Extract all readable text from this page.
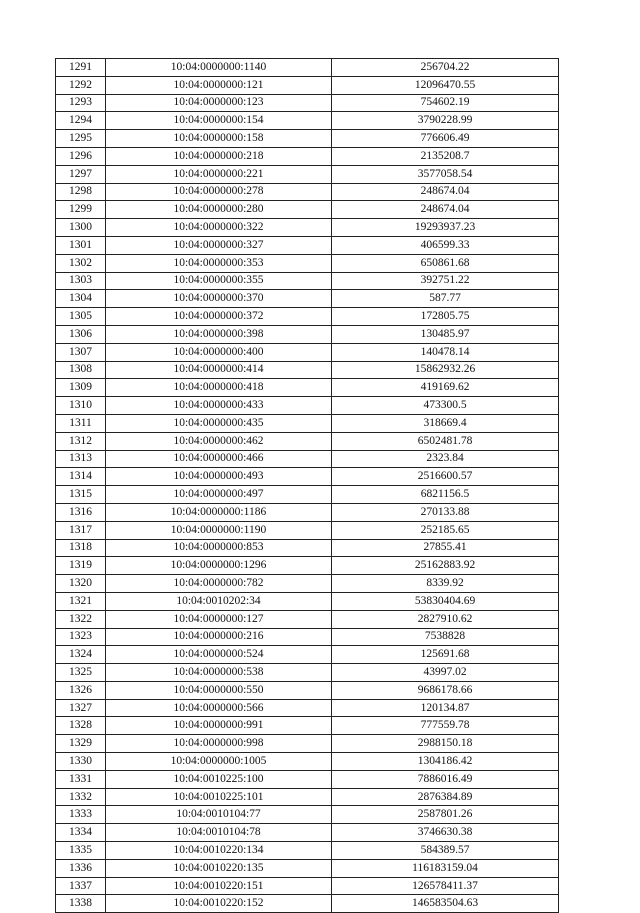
1291	10:04:0000000:1140	256704.22
1292	10:04:0000000:121	12096470.55
1293	10:04:0000000:123	754602.19
1294	10:04:0000000:154	3790228.99
1295	10:04:0000000:158	776606.49
1296	10:04:0000000:218	2135208.7
1297	10:04:0000000:221	3577058.54
1298	10:04:0000000:278	248674.04
1299	10:04:0000000:280	248674.04
1300	10:04:0000000:322	19293937.23
1301	10:04:0000000:327	406599.33
1302	10:04:0000000:353	650861.68
1303	10:04:0000000:355	392751.22
1304	10:04:0000000:370	587.77
1305	10:04:0000000:372	172805.75
1306	10:04:0000000:398	130485.97
1307	10:04:0000000:400	140478.14
1308	10:04:0000000:414	15862932.26
1309	10:04:0000000:418	419169.62
1310	10:04:0000000:433	473300.5
1311	10:04:0000000:435	318669.4
1312	10:04:0000000:462	6502481.78
1313	10:04:0000000:466	2323.84
1314	10:04:0000000:493	2516600.57
1315	10:04:0000000:497	6821156.5
1316	10:04:0000000:1186	270133.88
1317	10:04:0000000:1190	252185.65
1318	10:04:0000000:853	27855.41
1319	10:04:0000000:1296	25162883.92
1320	10:04:0000000:782	8339.92
1321	10:04:0010202:34	53830404.69
1322	10:04:0000000:127	2827910.62
1323	10:04:0000000:216	7538828
1324	10:04:0000000:524	125691.68
1325	10:04:0000000:538	43997.02
1326	10:04:0000000:550	9686178.66
1327	10:04:0000000:566	120134.87
1328	10:04:0000000:991	777559.78
1329	10:04:0000000:998	2988150.18
1330	10:04:0000000:1005	1304186.42
1331	10:04:0010225:100	7886016.49
1332	10:04:0010225:101	2876384.89
1333	10:04:0010104:77	2587801.26
1334	10:04:0010104:78	3746630.38
1335	10:04:0010220:134	584389.57
1336	10:04:0010220:135	116183159.04
1337	10:04:0010220:151	126578411.37
1338	10:04:0010220:152	146583504.63
